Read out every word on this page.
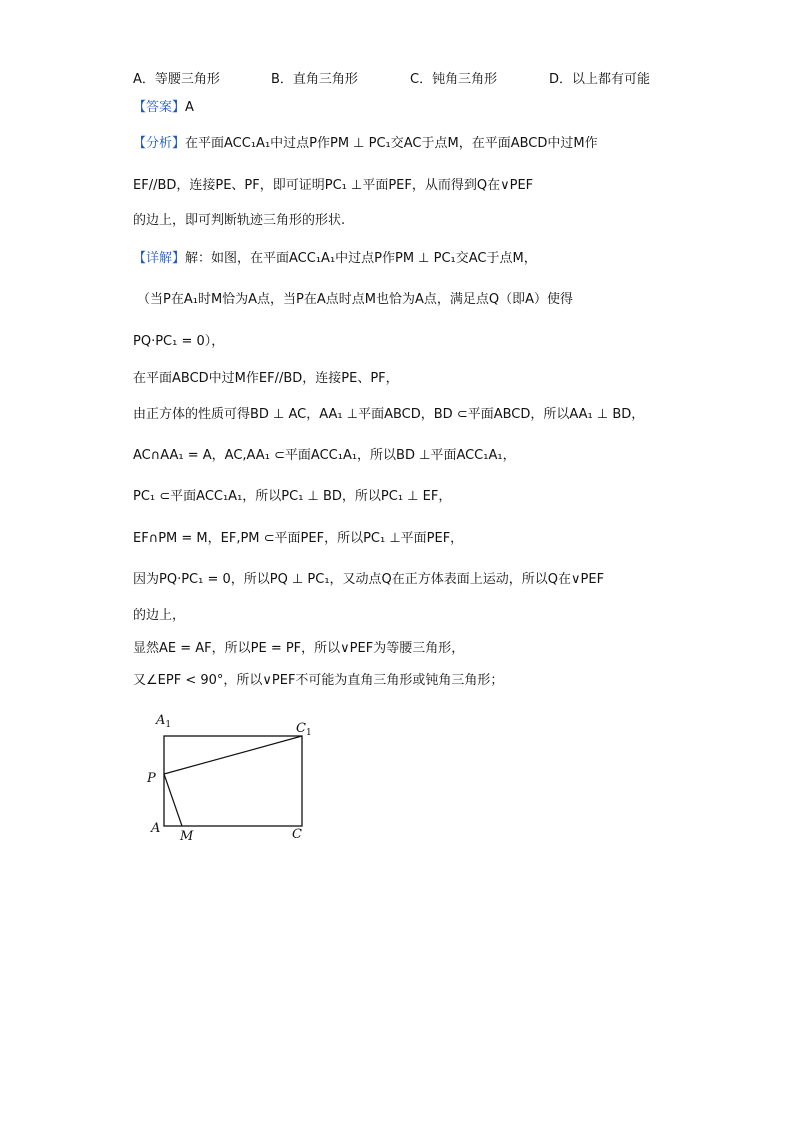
A．等腰三角形	B．直角三角形	C．钝角三角形	D．以上都有可能
【答案】A
【分析】在平面ACC₁A₁中过点P作PM ⊥ PC₁交AC于点M，在平面ABCD中过M作
EF//BD，连接PE、PF，即可证明PC₁ ⊥平面PEF，从而得到Q在∨PEF
的边上，即可判断轨迹三角形的形状.
【详解】解：如图，在平面ACC₁A₁中过点P作PM ⊥ PC₁交AC于点M，
（当P在A₁时M恰为A点，当P在A点时点M也恰为A点，满足点Q（即A）使得
PQ·PC₁ = 0），
在平面ABCD中过M作EF//BD，连接PE、PF，
由正方体的性质可得BD ⊥ AC，AA₁ ⊥平面ABCD，BD ⊂平面ABCD，所以AA₁ ⊥ BD，
AC∩AA₁ = A，AC,AA₁ ⊂平面ACC₁A₁，所以BD ⊥平面ACC₁A₁，
PC₁ ⊂平面ACC₁A₁，所以PC₁ ⊥ BD，所以PC₁ ⊥ EF，
EF∩PM = M，EF,PM ⊂平面PEF，所以PC₁ ⊥平面PEF，
因为PQ·PC₁ = 0，所以PQ ⊥ PC₁，又动点Q在正方体表面上运动，所以Q在∨PEF
的边上，
显然AE = AF，所以PE = PF，所以∨PEF为等腰三角形，
又∠EPF < 90°，所以∨PEF不可能为直角三角形或钝角三角形；
$A_1$	$C_1$
P
A
M	C
